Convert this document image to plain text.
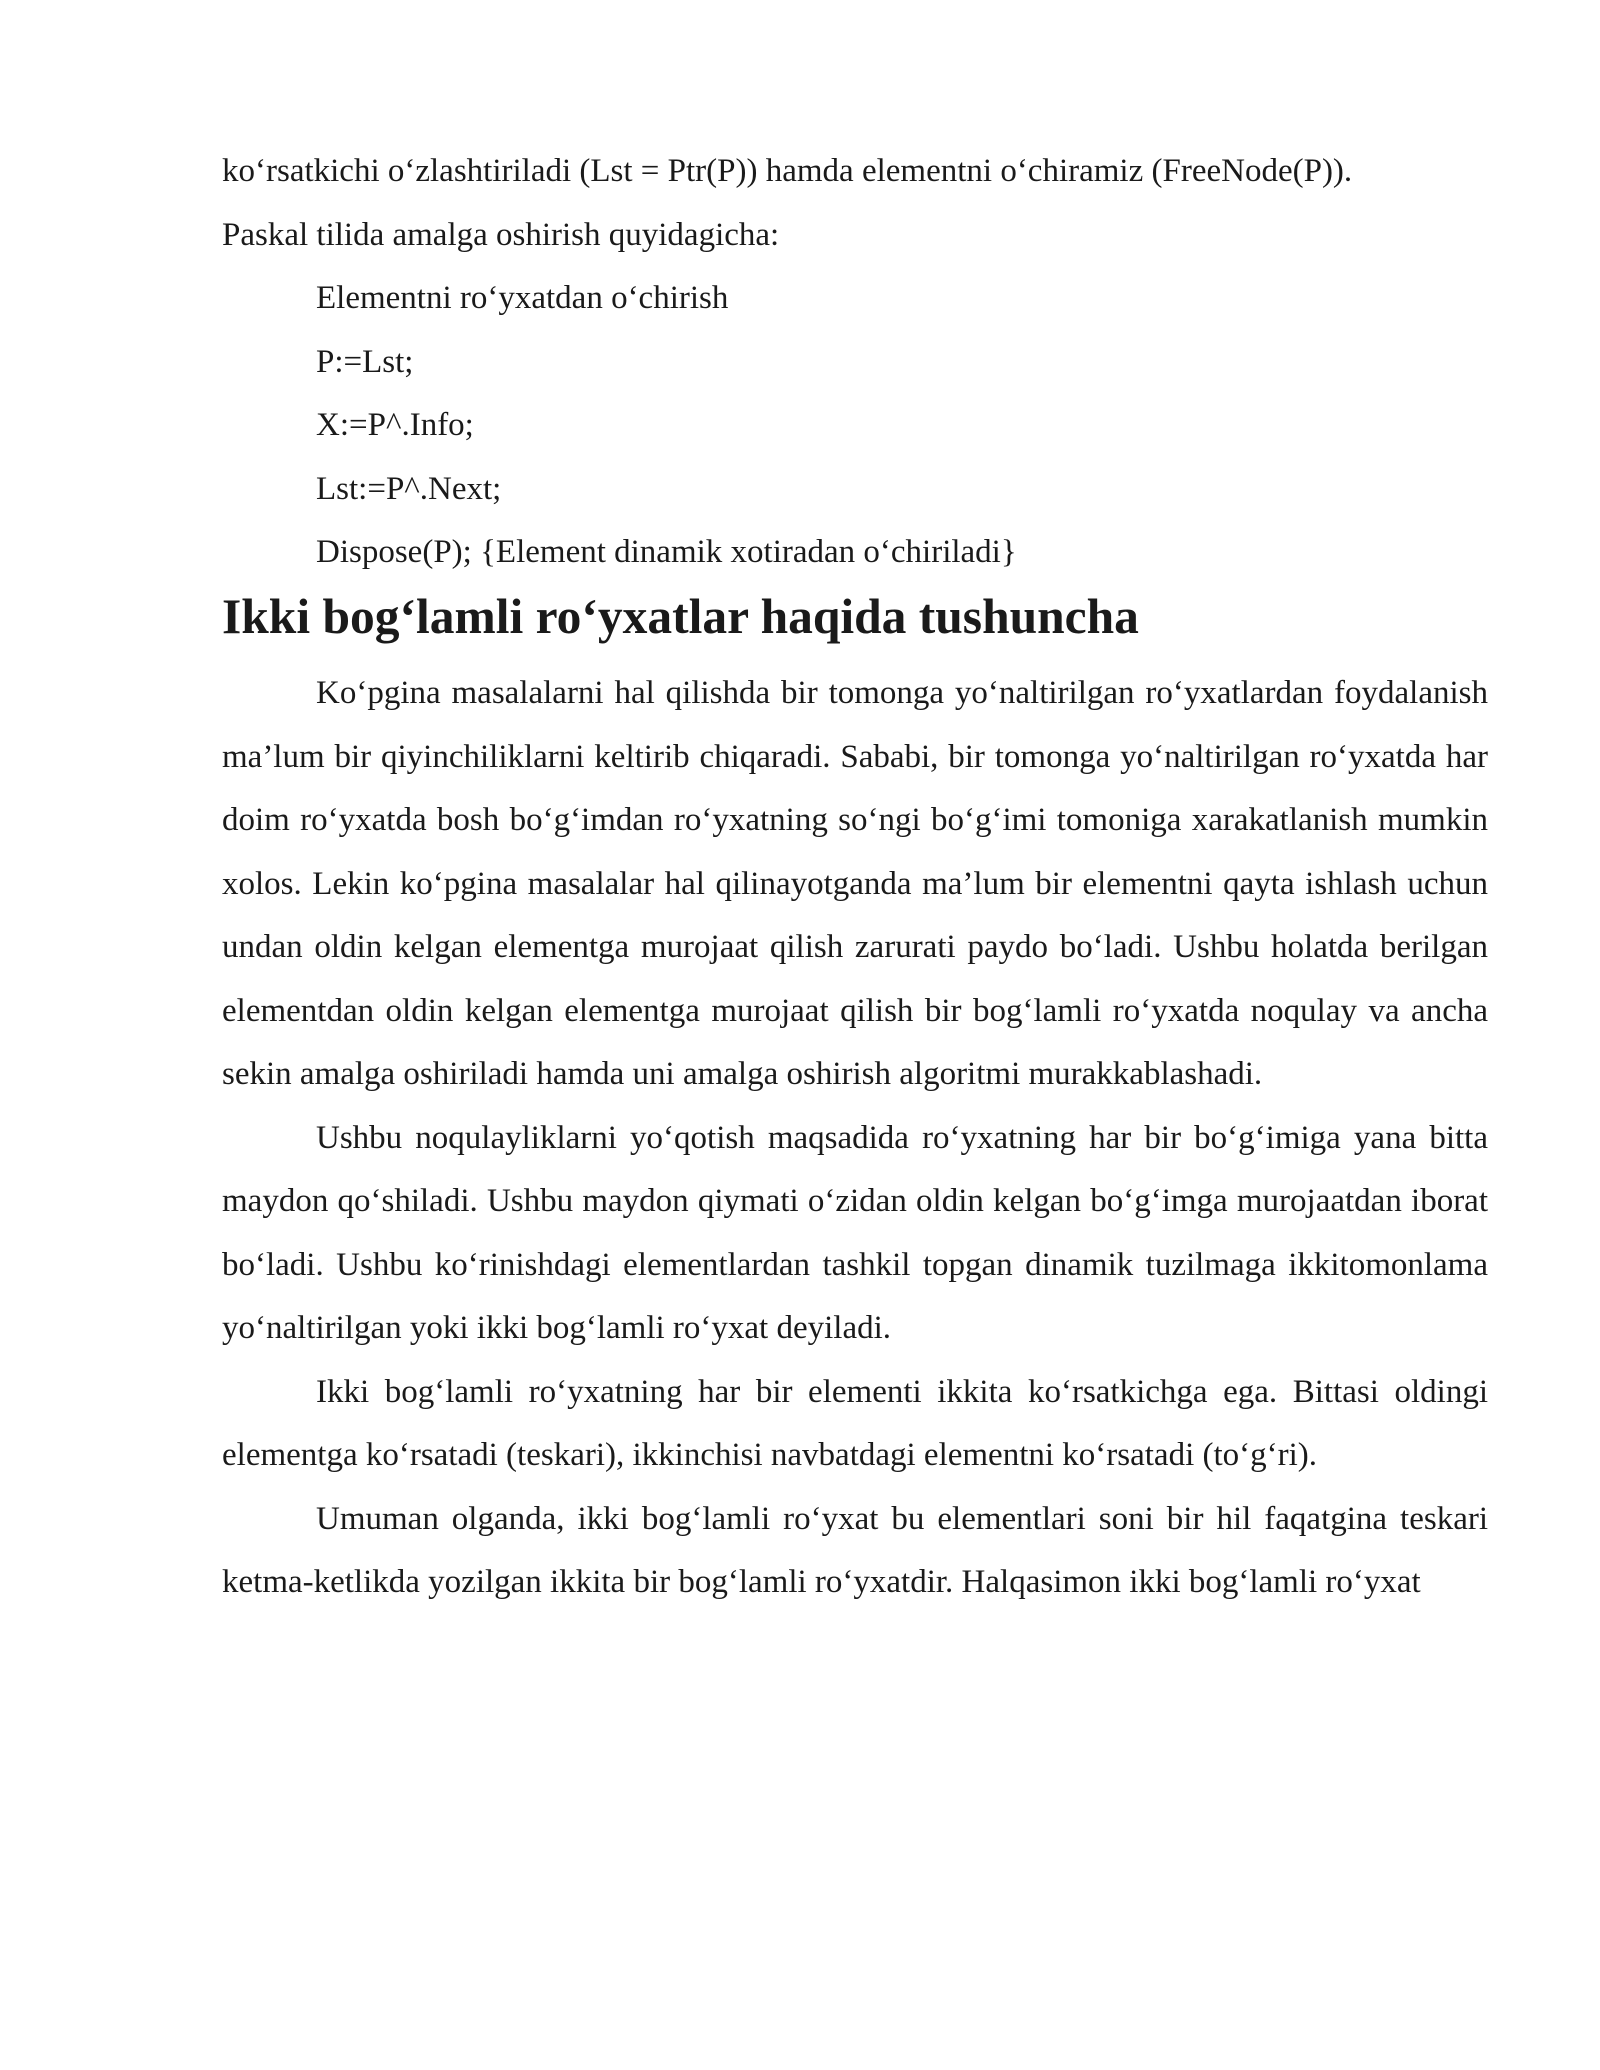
ko‘rsatkichi o‘zlashtiriladi (Lst = Ptr(P)) hamda elementni o‘chiramiz (FreeNode(P)).

Paskal tilida amalga oshirish quyidagicha:

Elementni ro‘yxatdan o‘chirish

P:=Lst;

X:=P^.Info;

Lst:=P^.Next;

Dispose(P); {Element dinamik xotiradan o‘chiriladi}

Ikki bog‘lamli ro‘yxatlar haqida tushuncha

Ko‘pgina masalalarni hal qilishda bir tomonga yo‘naltirilgan ro‘yxatlardan foydalanish ma’lum bir qiyinchiliklarni keltirib chiqaradi. Sababi, bir tomonga yo‘naltirilgan ro‘yxatda har doim ro‘yxatda bosh bo‘g‘imdan ro‘yxatning so‘ngi bo‘g‘imi tomoniga xarakatlanish mumkin xolos. Lekin ko‘pgina masalalar hal qilinayotganda ma’lum bir elementni qayta ishlash uchun undan oldin kelgan elementga murojaat qilish zarurati paydo bo‘ladi. Ushbu holatda berilgan elementdan oldin kelgan elementga murojaat qilish bir bog‘lamli ro‘yxatda noqulay va ancha sekin amalga oshiriladi hamda uni amalga oshirish algoritmi murakkablashadi.

Ushbu noqulayliklarni yo‘qotish maqsadida ro‘yxatning har bir bo‘g‘imiga yana bitta maydon qo‘shiladi. Ushbu maydon qiymati o‘zidan oldin kelgan bo‘g‘imga murojaatdan iborat bo‘ladi. Ushbu ko‘rinishdagi elementlardan tashkil topgan dinamik tuzilmaga ikkitomonlama yo‘naltirilgan yoki ikki bog‘lamli ro‘yxat deyiladi.

Ikki bog‘lamli ro‘yxatning har bir elementi ikkita ko‘rsatkichga ega. Bittasi oldingi elementga ko‘rsatadi (teskari), ikkinchisi navbatdagi elementni ko‘rsatadi (to‘g‘ri).

Umuman olganda, ikki bog‘lamli ro‘yxat bu elementlari soni bir hil faqatgina teskari ketma-ketlikda yozilgan ikkita bir bog‘lamli ro‘yxatdir. Halqasimon ikki bog‘lamli ro‘yxat
